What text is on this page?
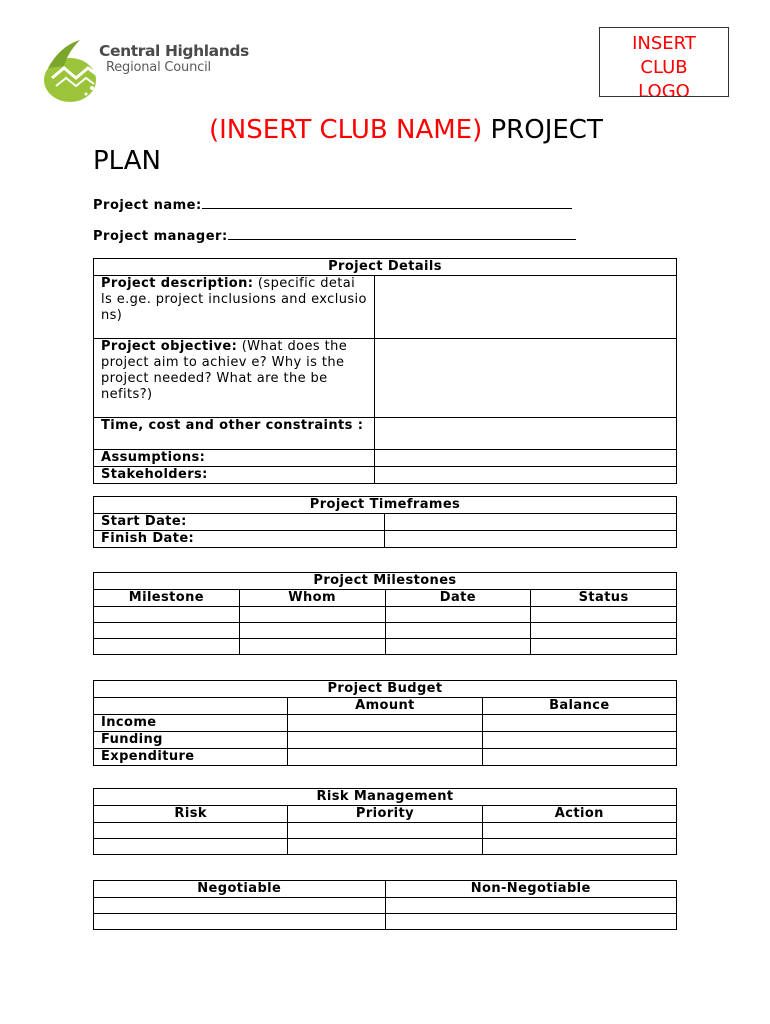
Central Highlands
Regional Council
INSERT
CLUB
LOGO
(INSERT CLUB NAME) PROJECT
PLAN
Project name:
Project manager:
Project Details	
Project description: (specific detai ls e.ge. project inclusions and exclusio ns)	
Project objective: (What does the project aim to achiev e? Why is the project needed? What are the be nefits?)	
Time, cost and other constraints :	
Assumptions:	
Stakeholders:	
Project Timeframes	
Start Date:	
Finish Date:	
Project Milestones			
Milestone	Whom	Date	Status

Project Budget		
	Amount	Balance
Income		
Funding		
Expenditure		
Risk Management		
Risk	Priority	Action

Negotiable	Non-Negotiable
